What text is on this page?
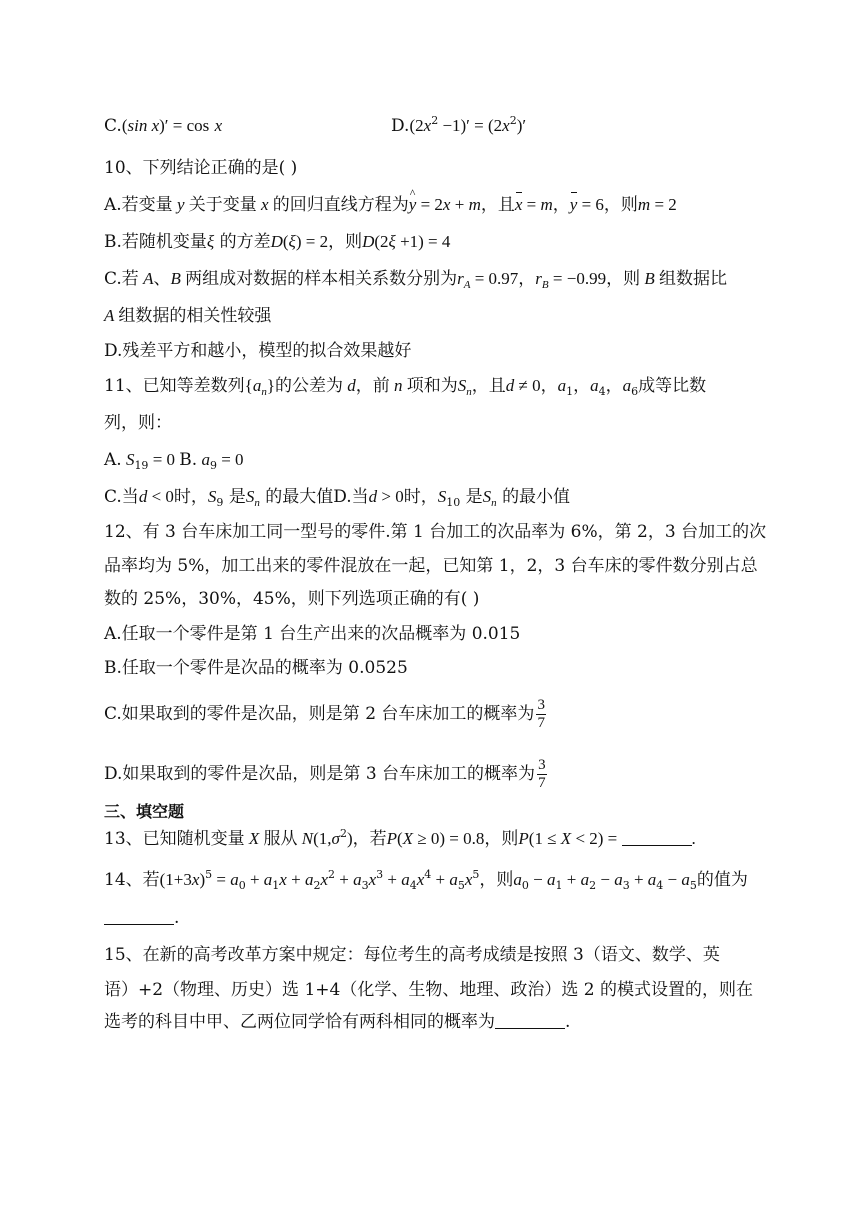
C.(sin x)′ = cos x	$D.(2x^2 -1)' = (2x^2)'$
10、下列结论正确的是( )
A.若变量 y 关于变量 x 的回归直线方程为^ y = 2x + m，且x = m，y = 6，则m = 2
B.若随机变量ξ 的方差D(ξ) = 2，则D(2ξ +1) = 4
C.若 A、B 两组成对数据的样本相关系数分别为$r_A = 0.97$，$r_B = -0.99$，则 B 组数据比
A 组数据的相关性较强
D.残差平方和越小，模型的拟合效果越好
11、已知等差数列$\{a_n\}$的公差为 d，前 n 项和为$S_n$，且d ≠ 0，$a_1$，$a_4$，$a_6$成等比数
列，则：
A. $S_{19} = 0$ B. $a_9 = 0$
C.当d < 0时，$S_9$ 是$S_n$ 的最大值D.当d > 0时，$S_{10}$ 是$S_n$ 的最小值
12、有 3 台车床加工同一型号的零件.第 1 台加工的次品率为 6%，第 2，3 台加工的次
品率均为 5%，加工出来的零件混放在一起，已知第 1，2，3 台车床的零件数分别占总
数的 25%，30%，45%，则下列选项正确的有( )
A.任取一个零件是第 1 台生产出来的次品概率为 0.015
B.任取一个零件是次品的概率为 0.0525
C.如果取到的零件是次品，则是第 2 台车床加工的概率为 $\frac{3}{7}$
D.如果取到的零件是次品，则是第 3 台车床加工的概率为 $\frac{3}{7}$
三、填空题
13、已知随机变量 X 服从 $N(1,\sigma^2)$，若P(X ≥ 0) = 0.8，则P(1 ≤ X < 2) =	.
14、若$(1+3x)^5 = a_0 + a_1x + a_2x^2 + a_3x^3 + a_4x^4 + a_5x^5$，则$a_0 - a_1 + a_2 - a_3 + a_4 - a_5$的值为
.
15、在新的高考改革方案中规定：每位考生的高考成绩是按照 3（语文、数学、英
语）+2（物理、历史）选 1+4（化学、生物、地理、政治）选 2 的模式设置的，则在
选考的科目中甲、乙两位同学恰有两科相同的概率为	.
